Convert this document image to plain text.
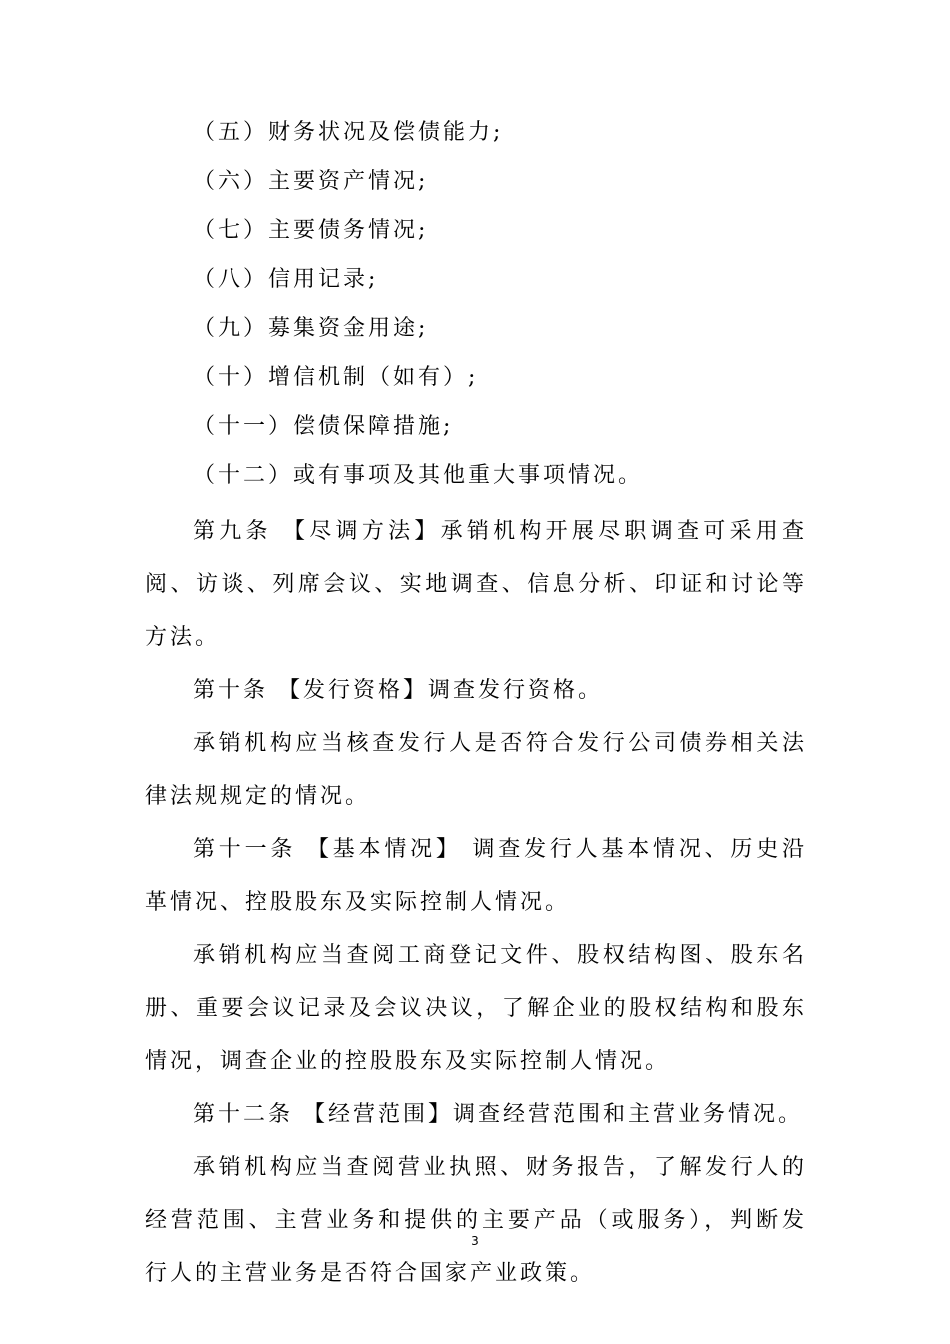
（五）财务状况及偿债能力;
（六）主要资产情况;
（七）主要债务情况;
（八）信用记录;
（九）募集资金用途;
（十）增信机制（如有）;
（十一）偿债保障措施;
（十二）或有事项及其他重大事项情况。

第九条 【尽调方法】承销机构开展尽职调查可采用查阅、访谈、列席会议、实地调查、信息分析、印证和讨论等方法。

第十条 【发行资格】调查发行资格。

承销机构应当核查发行人是否符合发行公司债券相关法律法规规定的情况。

第十一条 【基本情况】 调查发行人基本情况、历史沿革情况、控股股东及实际控制人情况。

承销机构应当查阅工商登记文件、股权结构图、股东名册、重要会议记录及会议决议，了解企业的股权结构和股东情况，调查企业的控股股东及实际控制人情况。

第十二条 【经营范围】调查经营范围和主营业务情况。

承销机构应当查阅营业执照、财务报告，了解发行人的经营范围、主营业务和提供的主要产品（或服务），判断发行人的主营业务是否符合国家产业政策。

3
